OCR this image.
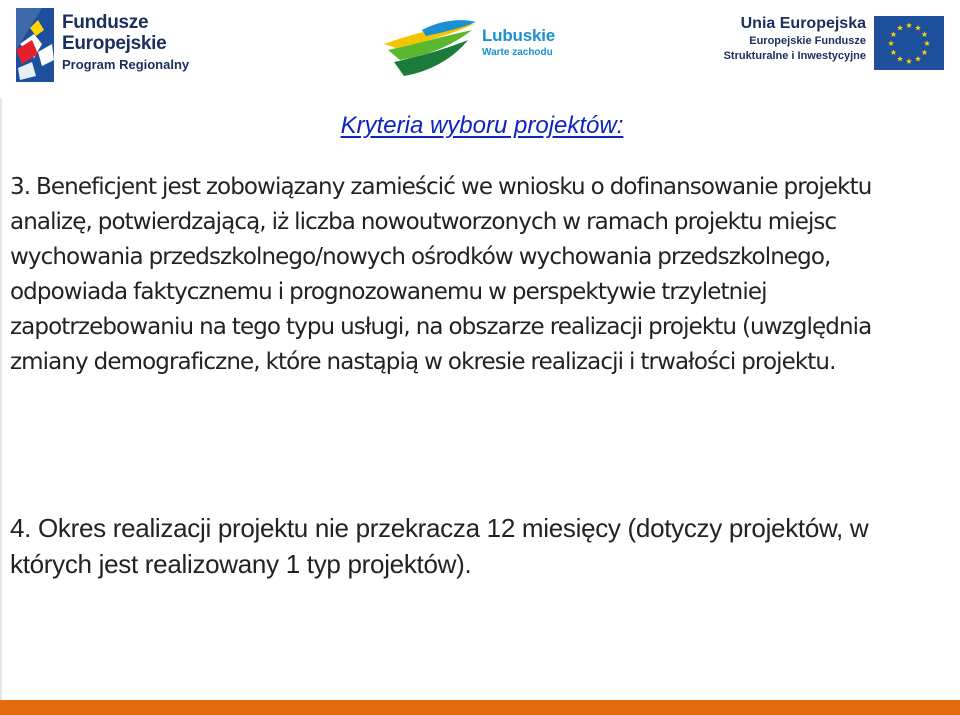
Fundusze
Europejskie
Program Regionalny
Lubuskie
Warte zachodu
Unia Europejska
Europejskie Fundusze
Strukturalne i Inwestycyjne
★ ★
★
★
★
★
★
★
★
★
★
★
Kryteria wyboru projektów:
3. Beneficjent jest zobowiązany zamieścić we wniosku o dofinansowanie projektu analizę, potwierdzającą, iż liczba nowoutworzonych w ramach projektu miejsc wychowania przedszkolnego/nowych ośrodków wychowania przedszkolnego, odpowiada faktycznemu i prognozowanemu w perspektywie trzyletniej zapotrzebowaniu na tego typu usługi, na obszarze realizacji projektu (uwzględnia zmiany demograficzne, które nastąpią w okresie realizacji i trwałości projektu.
4. Okres realizacji projektu nie przekracza 12 miesięcy (dotyczy projektów, w których jest realizowany 1 typ projektów).
